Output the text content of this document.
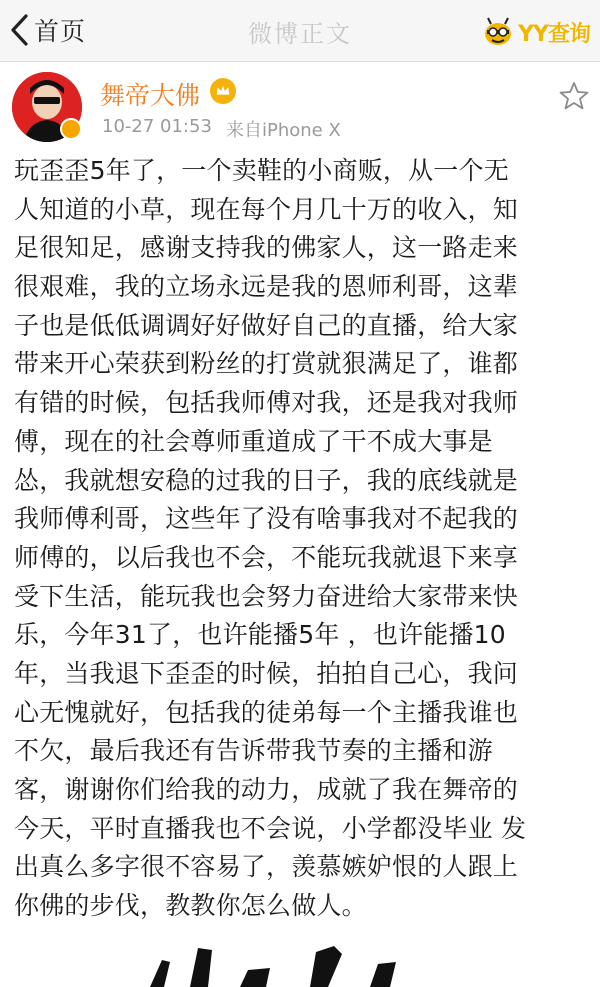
首页	微博正文	YY查询
舞帝大佛
10-27 01:53 来自iPhone X
玩歪歪5年了，一个卖鞋的小商贩，从一个无
人知道的小草，现在每个月几十万的收入，知
足很知足，感谢支持我的佛家人，这一路走来
很艰难，我的立场永远是我的恩师利哥，这辈
子也是低低调调好好做好自己的直播，给大家
带来开心荣获到粉丝的打赏就狠满足了，谁都
有错的时候，包括我师傅对我，还是我对我师
傅，现在的社会尊师重道成了干不成大事是
怂，我就想安稳的过我的日子，我的底线就是
我师傅利哥，这些年了没有啥事我对不起我的
师傅的，以后我也不会，不能玩我就退下来享
受下生活，能玩我也会努力奋进给大家带来快
乐，今年31了，也许能播5年 ，也许能播10
年，当我退下歪歪的时候，拍拍自己心，我问
心无愧就好，包括我的徒弟每一个主播我谁也
不欠，最后我还有告诉带我节奏的主播和游
客，谢谢你们给我的动力，成就了我在舞帝的
今天，平时直播我也不会说，小学都没毕业 发
出真么多字很不容易了，羡慕嫉妒恨的人跟上
你佛的步伐，教教你怎么做人。
